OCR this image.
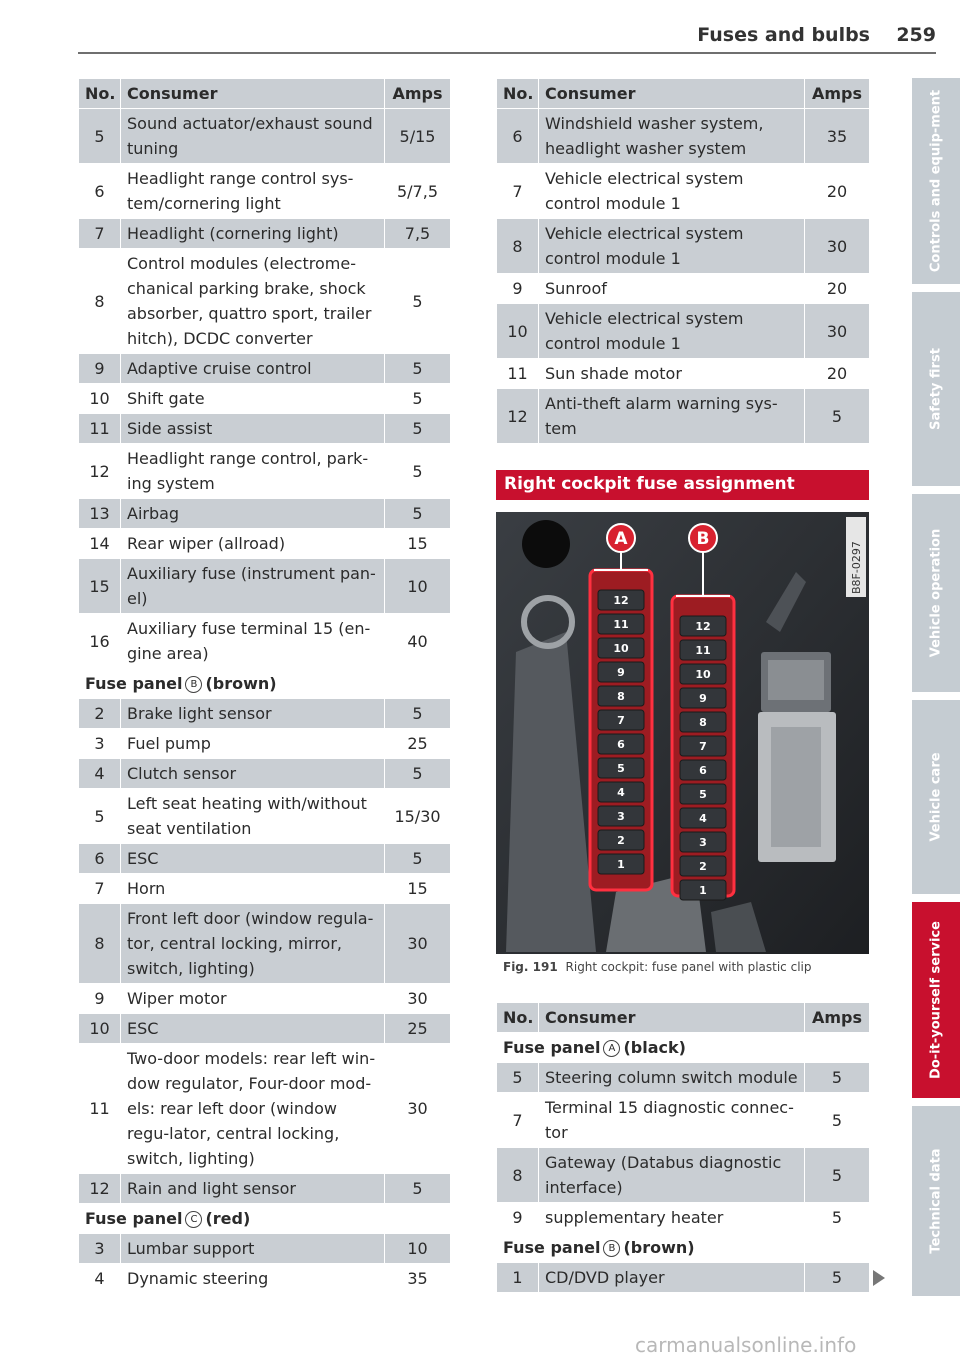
Fuses and bulbs 259
No.	Consumer	Amps
5	Sound actuator/exhaust sound tuning	5/15
6	Headlight range control sys-tem/cornering light	5/7,5
7	Headlight (cornering light)	7,5
8	Control modules (electrome-chanical parking brake, shock absorber, quattro sport, trailer hitch), DCDC converter	5
9	Adaptive cruise control	5
10	Shift gate	5
11	Side assist	5
12	Headlight range control, park-ing system	5
13	Airbag	5
14	Rear wiper (allroad)	15
15	Auxiliary fuse (instrument pan-el)	10
16	Auxiliary fuse terminal 15 (en-gine area)	40
Fuse panel B (brown)		
2	Brake light sensor	5
3	Fuel pump	25
4	Clutch sensor	5
5	Left seat heating with/without seat ventilation	15/30
6	ESC	5
7	Horn	15
8	Front left door (window regula-tor, central locking, mirror, switch, lighting)	30
9	Wiper motor	30
10	ESC	25
11	Two-door models: rear left win-dow regulator, Four-door mod-els: rear left door (window regu-lator, central locking, switch, lighting)	30
12	Rain and light sensor	5
Fuse panel C (red)		
3	Lumbar support	10
4	Dynamic steering	35
No.	Consumer	Amps
6	Windshield washer system, headlight washer system	35
7	Vehicle electrical system control module 1	20
8	Vehicle electrical system control module 1	30
9	Sunroof	20
10	Vehicle electrical system control module 1	30
11	Sun shade motor	20
12	Anti-theft alarm warning sys-tem	5
Right cockpit fuse assignment
12
11
10
9
8
7
6
5
4
3
2
1
12
11
10
9
8
7
6
5
4
3
2
1
A	B
B8F-0297
Fig. 191 Right cockpit: fuse panel with plastic clip
No.	Consumer	Amps
Fuse panel A (black)		
5	Steering column switch module	5
7	Terminal 15 diagnostic connec-tor	5
8	Gateway (Databus diagnostic interface)	5
9	supplementary heater	5
Fuse panel B (brown)		
1	CD/DVD player	5
Controls and equip-ment
Safety first
Vehicle operation
Vehicle care
Do-it-yourself service
Technical data
carmanualsonline.info
